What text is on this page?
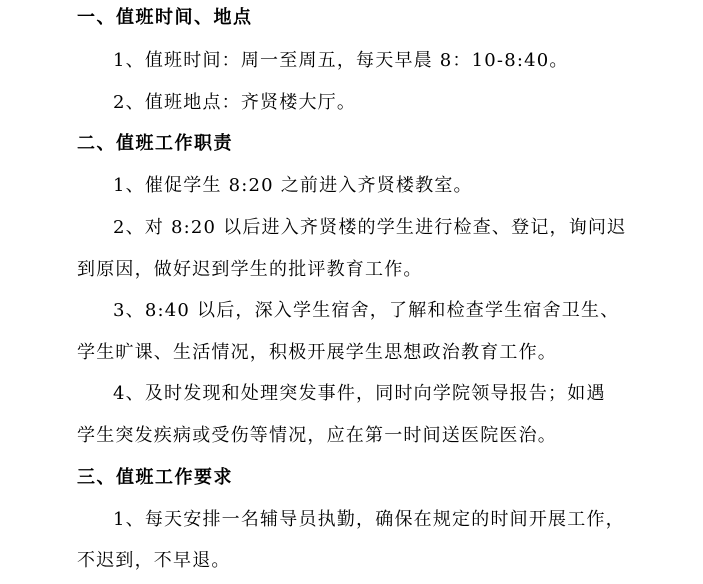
一、值班时间、地点
1、值班时间：周一至周五，每天早晨 8：10-8:40。
2、值班地点：齐贤楼大厅。
二、值班工作职责
1、催促学生 8:20 之前进入齐贤楼教室。
2、对 8:20 以后进入齐贤楼的学生进行检查、登记，询问迟
到原因，做好迟到学生的批评教育工作。
3、8:40 以后，深入学生宿舍，了解和检查学生宿舍卫生、
学生旷课、生活情况，积极开展学生思想政治教育工作。
4、及时发现和处理突发事件，同时向学院领导报告；如遇
学生突发疾病或受伤等情况，应在第一时间送医院医治。
三、值班工作要求
1、每天安排一名辅导员执勤，确保在规定的时间开展工作，
不迟到，不早退。
